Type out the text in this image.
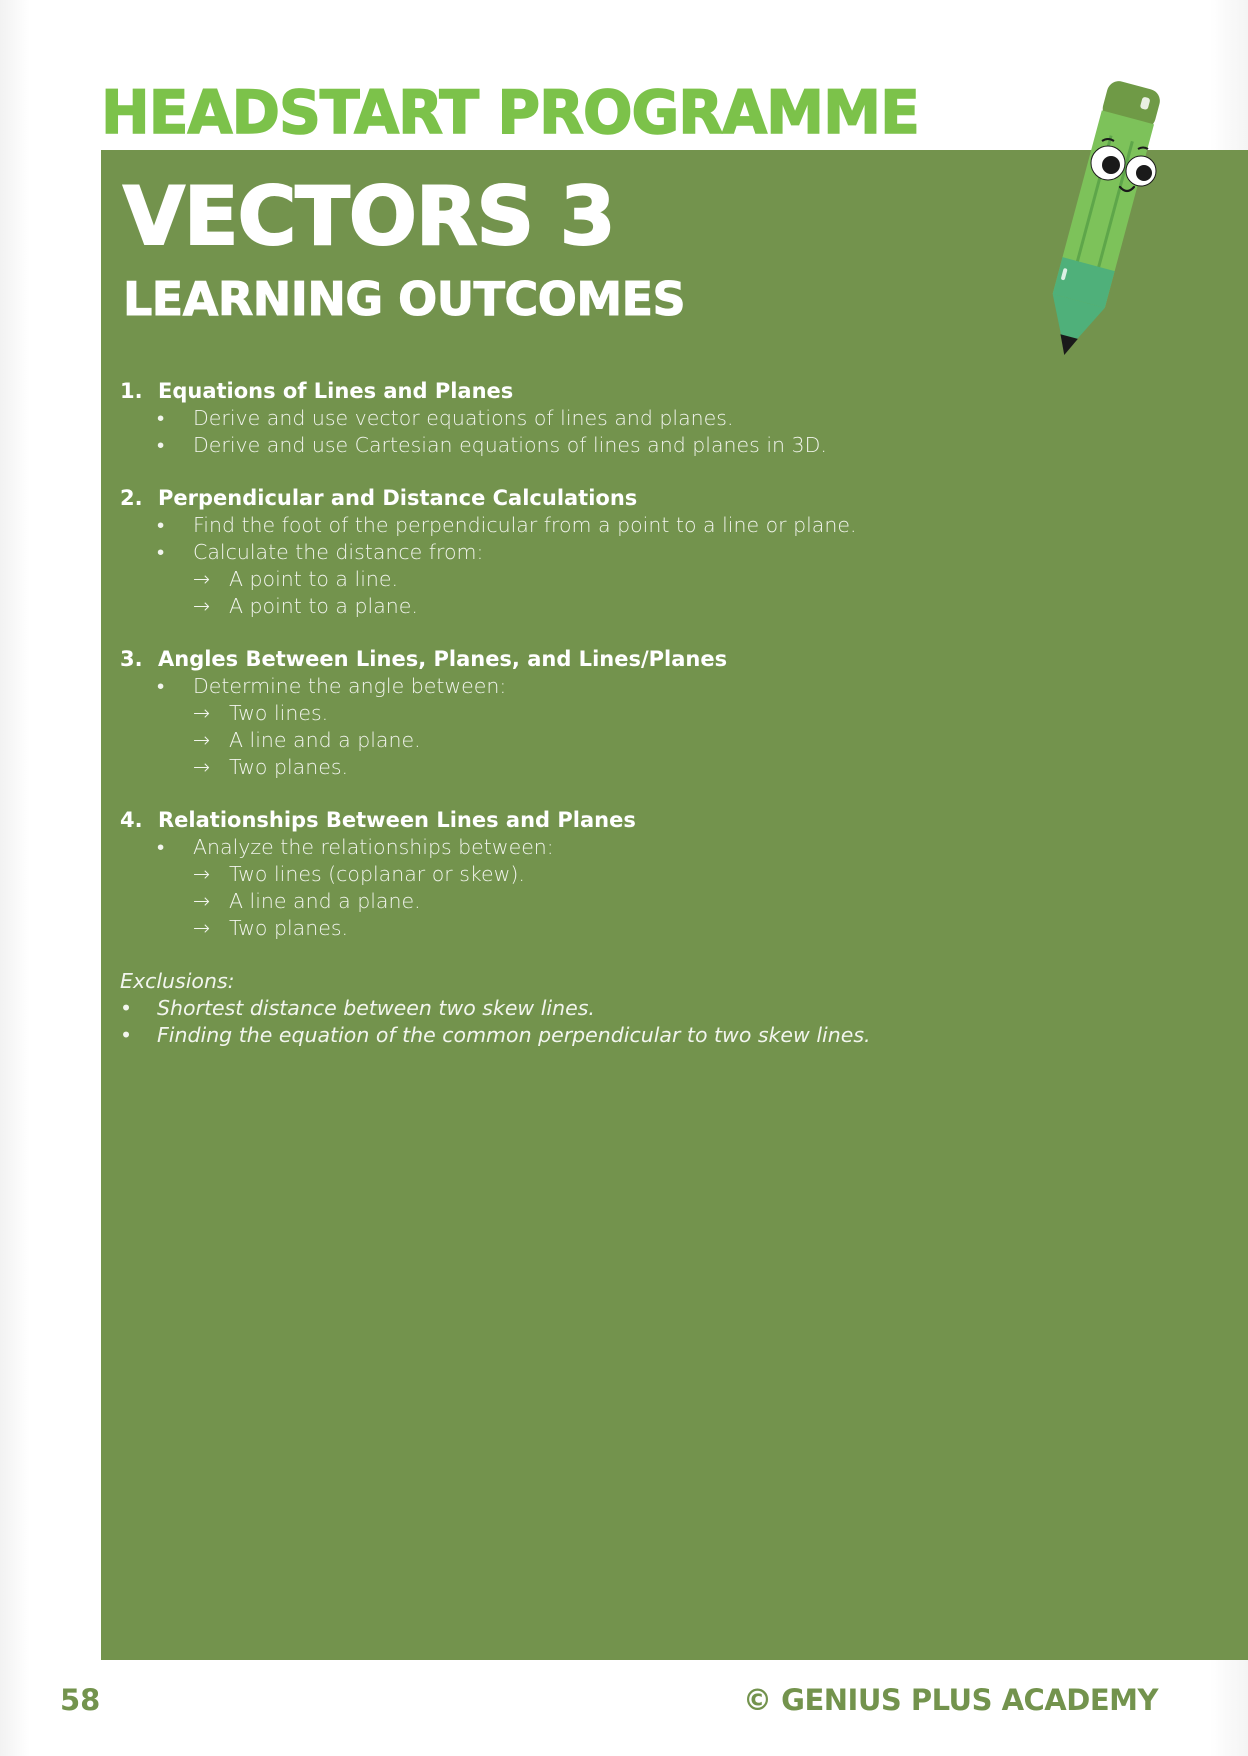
HEADSTART PROGRAMME
VECTORS 3
LEARNING OUTCOMES
1. Equations of Lines and Planes
•	Derive and use vector equations of lines and planes.
•	Derive and use Cartesian equations of lines and planes in 3D.
2. Perpendicular and Distance Calculations
•	Find the foot of the perpendicular from a point to a line or plane.
•	Calculate the distance from:
→ A point to a line.
→ A point to a plane.
3. Angles Between Lines, Planes, and Lines/Planes
•	Determine the angle between:
→ Two lines.
→ A line and a plane.
→ Two planes.
4. Relationships Between Lines and Planes
•	Analyze the relationships between:
→ Two lines (coplanar or skew).
→ A line and a plane.
→ Two planes.
Exclusions:
•	Shortest distance between two skew lines.
•	Finding the equation of the common perpendicular to two skew lines.
58	© GENIUS PLUS ACADEMY
